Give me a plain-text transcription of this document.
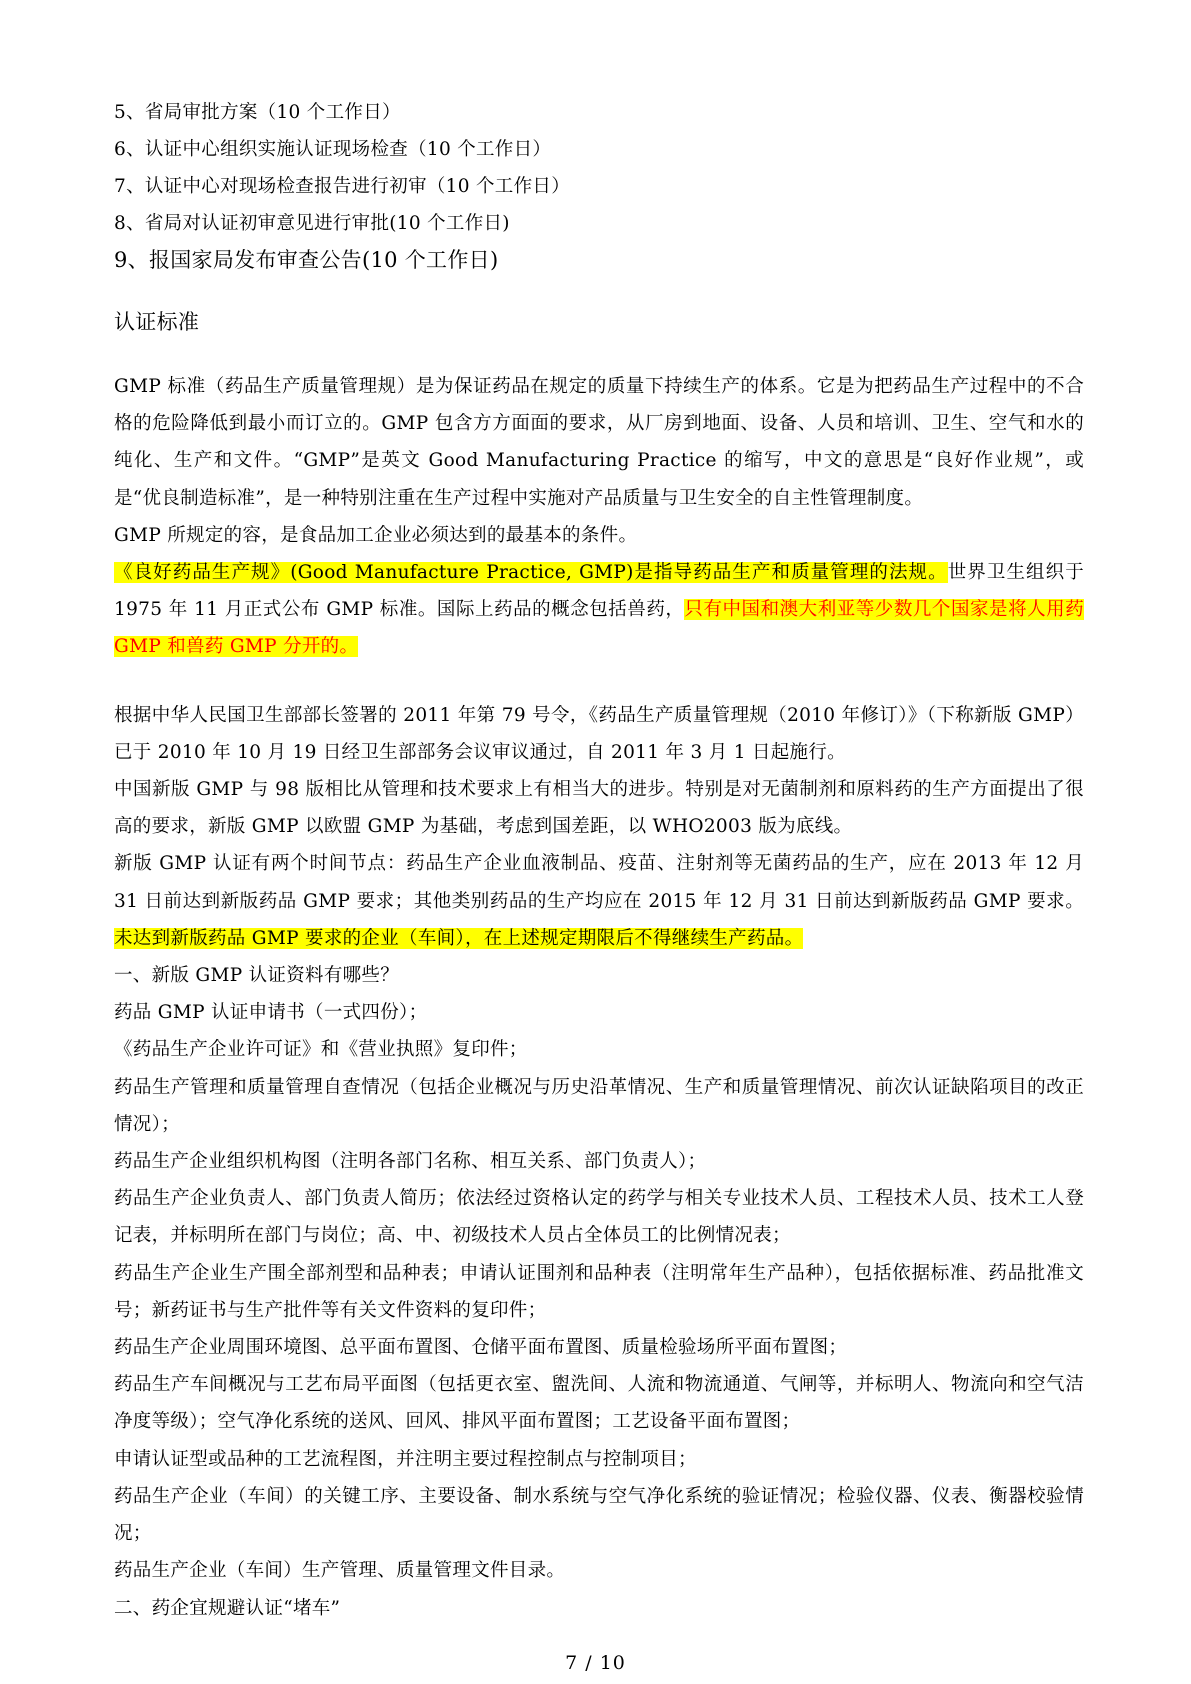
5、省局审批方案（10 个工作日）

6、认证中心组织实施认证现场检查（10 个工作日）

7、认证中心对现场检查报告进行初审（10 个工作日）

8、省局对认证初审意见进行审批(10 个工作日)

9、报国家局发布审查公告(10 个工作日)

认证标准

GMP 标准（药品生产质量管理规）是为保证药品在规定的质量下持续生产的体系。它是为把药品生产过程中的不合格的危险降低到最小而订立的。GMP 包含方方面面的要求，从厂房到地面、设备、人员和培训、卫生、空气和水的纯化、生产和文件。“GMP”是英文 Good Manufacturing Practice 的缩写，中文的意思是“良好作业规”，或是“优良制造标准”，是一种特别注重在生产过程中实施对产品质量与卫生安全的自主性管理制度。

GMP 所规定的容，是食品加工企业必须达到的最基本的条件。

《良好药品生产规》(Good Manufacture Practice, GMP)是指导药品生产和质量管理的法规。世界卫生组织于 1975 年 11 月正式公布 GMP 标准。国际上药品的概念包括兽药，只有中国和澳大利亚等少数几个国家是将人用药 GMP 和兽药 GMP 分开的。

根据中华人民国卫生部部长签署的 2011 年第 79 号令，《药品生产质量管理规（2010 年修订）》（下称新版 GMP）已于 2010 年 10 月 19 日经卫生部部务会议审议通过，自 2011 年 3 月 1 日起施行。

中国新版 GMP 与 98 版相比从管理和技术要求上有相当大的进步。特别是对无菌制剂和原料药的生产方面提出了很高的要求，新版 GMP 以欧盟 GMP 为基础，考虑到国差距，以 WHO2003 版为底线。

新版 GMP 认证有两个时间节点：药品生产企业血液制品、疫苗、注射剂等无菌药品的生产，应在 2013 年 12 月 31 日前达到新版药品 GMP 要求；其他类别药品的生产均应在 2015 年 12 月 31 日前达到新版药品 GMP 要求。未达到新版药品 GMP 要求的企业（车间），在上述规定期限后不得继续生产药品。

一、新版 GMP 认证资料有哪些？

药品 GMP 认证申请书（一式四份）；

《药品生产企业许可证》和《营业执照》复印件；

药品生产管理和质量管理自查情况（包括企业概况与历史沿革情况、生产和质量管理情况、前次认证缺陷项目的改正情况）；

药品生产企业组织机构图（注明各部门名称、相互关系、部门负责人）；

药品生产企业负责人、部门负责人简历；依法经过资格认定的药学与相关专业技术人员、工程技术人员、技术工人登记表，并标明所在部门与岗位；高、中、初级技术人员占全体员工的比例情况表；

药品生产企业生产围全部剂型和品种表；申请认证围剂和品种表（注明常年生产品种），包括依据标准、药品批准文号；新药证书与生产批件等有关文件资料的复印件；

药品生产企业周围环境图、总平面布置图、仓储平面布置图、质量检验场所平面布置图；

药品生产车间概况与工艺布局平面图（包括更衣室、盥洗间、人流和物流通道、气闸等，并标明人、物流向和空气洁净度等级）；空气净化系统的送风、回风、排风平面布置图；工艺设备平面布置图；

申请认证型或品种的工艺流程图，并注明主要过程控制点与控制项目；

药品生产企业（车间）的关键工序、主要设备、制水系统与空气净化系统的验证情况；检验仪器、仪表、衡器校验情况；

药品生产企业（车间）生产管理、质量管理文件目录。

二、药企宜规避认证“堵车”

7 / 10
